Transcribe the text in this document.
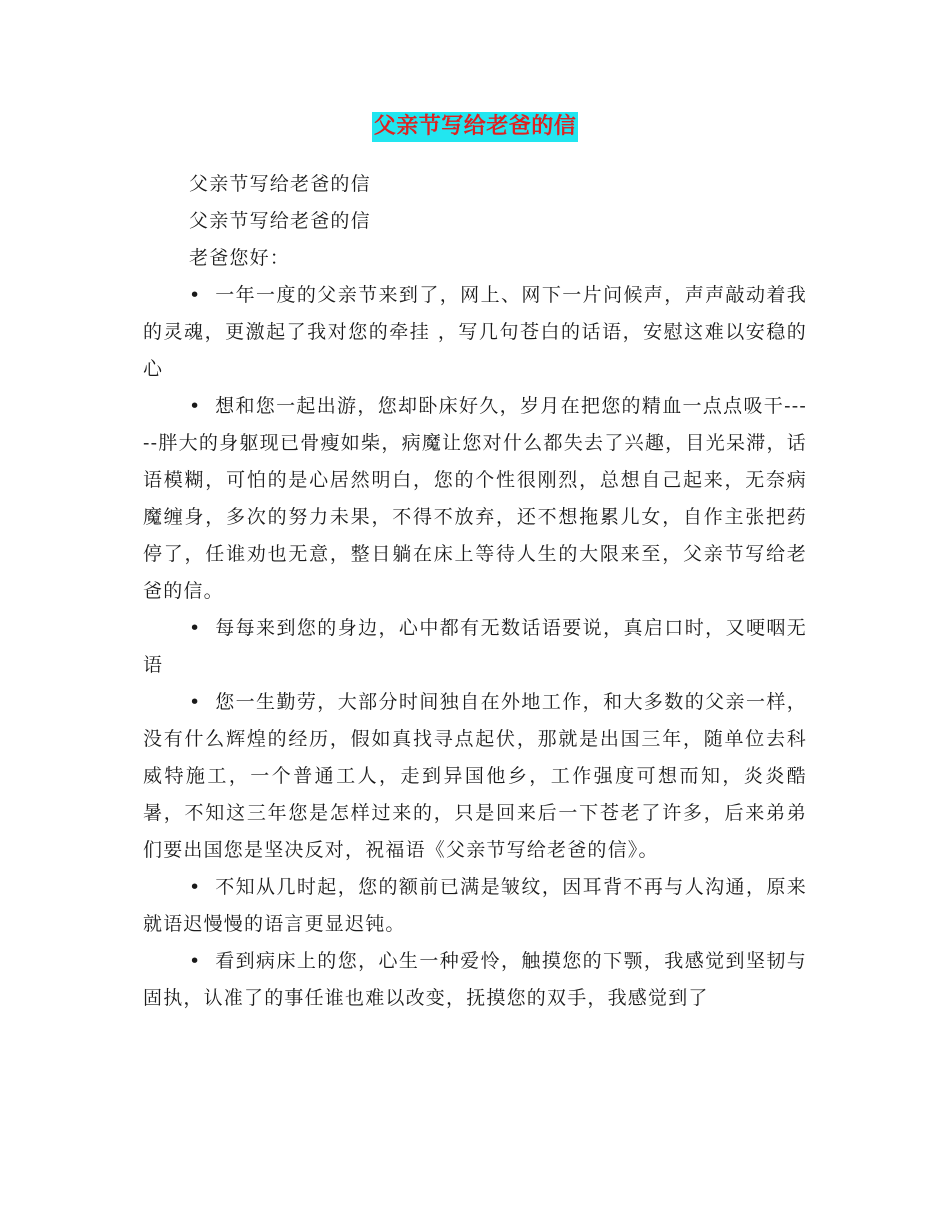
父亲节写给老爸的信

父亲节写给老爸的信

父亲节写给老爸的信

老爸您好：

• 一年一度的父亲节来到了，网上、网下一片问候声，声声敲动着我的灵魂，更激起了我对您的牵挂 ，写几句苍白的话语，安慰这难以安稳的心

• 想和您一起出游，您却卧床好久，岁月在把您的精血一点点吸干-----胖大的身躯现已骨瘦如柴，病魔让您对什么都失去了兴趣，目光呆滞，话语模糊，可怕的是心居然明白，您的个性很刚烈，总想自己起来，无奈病魔缠身，多次的努力未果，不得不放弃，还不想拖累儿女，自作主张把药停了，任谁劝也无意，整日躺在床上等待人生的大限来至，父亲节写给老爸的信。

• 每每来到您的身边，心中都有无数话语要说，真启口时，又哽咽无语

• 您一生勤劳，大部分时间独自在外地工作，和大多数的父亲一样，没有什么辉煌的经历，假如真找寻点起伏，那就是出国三年，随单位去科威特施工，一个普通工人，走到异国他乡，工作强度可想而知，炎炎酷暑，不知这三年您是怎样过来的，只是回来后一下苍老了许多，后来弟弟们要出国您是坚决反对，祝福语《父亲节写给老爸的信》。

• 不知从几时起，您的额前已满是皱纹，因耳背不再与人沟通，原来就语迟慢慢的语言更显迟钝。

• 看到病床上的您，心生一种爱怜，触摸您的下颚，我感觉到坚韧与固执，认准了的事任谁也难以改变，抚摸您的双手，我感觉到了
